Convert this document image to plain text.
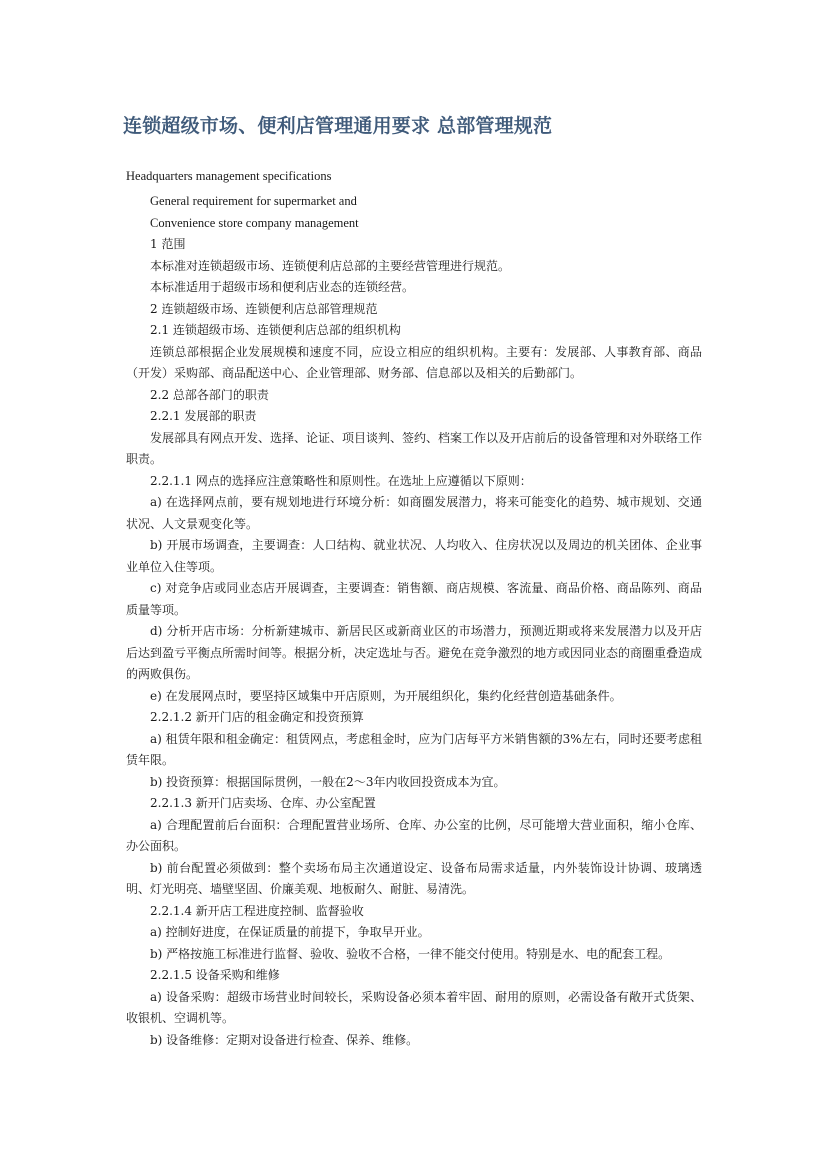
连锁超级市场、便利店管理通用要求 总部管理规范
Headquarters management specifications

General requirement for supermarket and

Convenience store company management

1 范围

本标准对连锁超级市场、连锁便利店总部的主要经营管理进行规范。

本标准适用于超级市场和便利店业态的连锁经营。

2 连锁超级市场、连锁便利店总部管理规范

2.1 连锁超级市场、连锁便利店总部的组织机构

连锁总部根据企业发展规模和速度不同，应设立相应的组织机构。主要有：发展部、人事教育部、商品（开发）采购部、商品配送中心、企业管理部、财务部、信息部以及相关的后勤部门。

2.2 总部各部门的职责

2.2.1 发展部的职责

发展部具有网点开发、选择、论证、项目谈判、签约、档案工作以及开店前后的设备管理和对外联络工作职责。

2.2.1.1 网点的选择应注意策略性和原则性。在选址上应遵循以下原则：

a) 在选择网点前，要有规划地进行环境分析：如商圈发展潜力，将来可能变化的趋势、城市规划、交通状况、人文景观变化等。

b) 开展市场调查，主要调查：人口结构、就业状况、人均收入、住房状况以及周边的机关团体、企业事业单位入住等项。

c) 对竞争店或同业态店开展调查，主要调查：销售额、商店规模、客流量、商品价格、商品陈列、商品质量等项。

d) 分析开店市场：分析新建城市、新居民区或新商业区的市场潜力，预测近期或将来发展潜力以及开店后达到盈亏平衡点所需时间等。根据分析，决定选址与否。避免在竞争激烈的地方或因同业态的商圈重叠造成的两败俱伤。

e) 在发展网点时，要坚持区域集中开店原则，为开展组织化，集约化经营创造基础条件。

2.2.1.2 新开门店的租金确定和投资预算

a) 租赁年限和租金确定：租赁网点，考虑租金时，应为门店每平方米销售额的3%左右，同时还要考虑租赁年限。

b) 投资预算：根据国际贯例，一般在2～3年内收回投资成本为宜。

2.2.1.3 新开门店卖场、仓库、办公室配置

a) 合理配置前后台面积：合理配置营业场所、仓库、办公室的比例，尽可能增大营业面积，缩小仓库、办公面积。

b) 前台配置必须做到：整个卖场布局主次通道设定、设备布局需求适量，内外装饰设计协调、玻璃透明、灯光明亮、墙壁坚固、价廉美观、地板耐久、耐脏、易清洗。

2.2.1.4 新开店工程进度控制、监督验收

a) 控制好进度，在保证质量的前提下，争取早开业。

b) 严格按施工标准进行监督、验收、验收不合格，一律不能交付使用。特别是水、电的配套工程。

2.2.1.5 设备采购和维修

a) 设备采购：超级市场营业时间较长，采购设备必须本着牢固、耐用的原则，必需设备有敞开式货架、收银机、空调机等。

b) 设备维修：定期对设备进行检查、保养、维修。
